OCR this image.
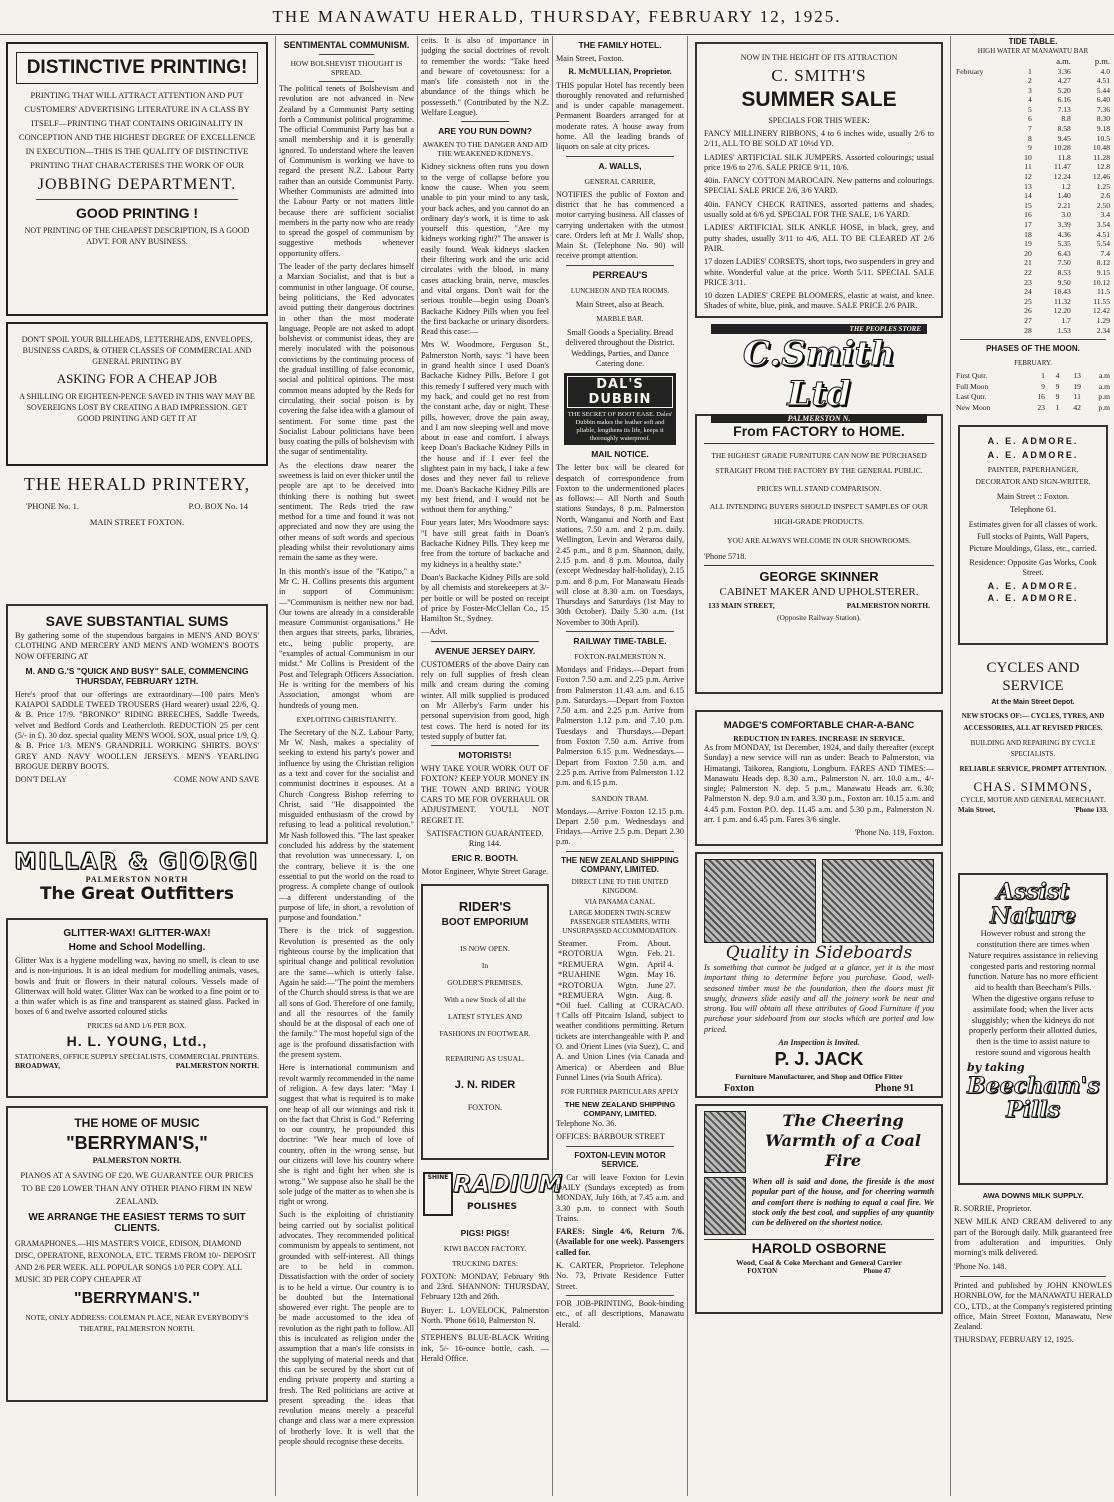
THE MANAWATU HERALD, THURSDAY, FEBRUARY 12, 1925.
DISTINCTIVE PRINTING!
PRINTING THAT WILL ATTRACT ATTENTION AND PUT CUSTOMERS' ADVERTISING LITERATURE IN A CLASS BY ITSELF—PRINTING THAT CONTAINS ORIGINALITY IN CONCEPTION AND THE HIGHEST DEGREE OF EXCELLENCE IN EXECUTION—THIS IS THE QUALITY OF DISTINCTIVE PRINTING THAT CHARACTERISES THE WORK OF OUR
JOBBING DEPARTMENT.
GOOD PRINTING !
NOT PRINTING OF THE CHEAPEST DESCRIPTION, IS A GOOD ADVT. FOR ANY BUSINESS.
DON'T SPOIL YOUR BILLHEADS, LETTERHEADS, ENVELOPES, BUSINESS CARDS, & OTHER CLASSES OF COMMERCIAL AND GENERAL PRINTING BY
ASKING FOR A CHEAP JOB
A SHILLING OR EIGHTEEN-PENCE SAVED IN THIS WAY MAY BE SOVEREIGNS LOST BY CREATING A BAD IMPRESSION. GET GOOD PRINTING AND GET IT AT
THE HERALD PRINTERY,
'PHONE No. 1.	P.O. BOX No. 14
MAIN STREET FOXTON.
SAVE SUBSTANTIAL SUMS
By gathering some of the stupendous bargains in MEN'S AND BOYS' CLOTHING AND MERCERY AND MEN'S AND WOMEN'S BOOTS NOW OFFERING AT
M. AND G.'S "QUICK AND BUSY" SALE, COMMENCING THURSDAY, FEBRUARY 12TH.
Here's proof that our offerings are extraordinary—100 pairs Men's KAIAPOI SADDLE TWEED TROUSERS (Hard wearer) usual 22/6, Q. & B. Price 17/9. "BRONKO" RIDING BREECHES, Saddle Tweeds, velvet and Bedford Cords and Leathercloth. REDUCTION 25 per cent (5/- in £). 30 doz. special quality MEN'S WOOL SOX, usual price 1/9, Q. & B. Price 1/3. MEN'S GRANDRILL WORKING SHIRTS. BOYS' GREY AND NAVY WOOLLEN JERSEYS. MEN'S YEARLING BROGUE DERBY BOOTS.
DON'T DELAY	COME NOW AND SAVE
MILLAR & GIORGI
PALMERSTON NORTH
The Great Outfitters
GLITTER-WAX! GLITTER-WAX!
Home and School Modelling.
Glitter Wax is a hygiene modelling wax, having no smell, is clean to use and is non-injurious. It is an ideal medium for modelling animals, vases, bowls and fruit or flowers in their natural colours. Vessels made of Glitterwax will hold water. Glitter Wax can be worked to a fine point or to a thin wafer which is as fine and transparent as stained glass. Packed in boxes of 6 and twelve assorted coloured sticks
PRICES 6d AND 1/6 PER BOX.
H. L. YOUNG, Ltd.,
STATIONERS, OFFICE SUPPLY SPECIALISTS, COMMERCIAL PRINTERS.
BROADWAY,	PALMERSTON NORTH.
THE HOME OF MUSIC
"BERRYMAN'S,"
PALMERSTON NORTH.
PIANOS AT A SAVING OF £20. WE GUARANTEE OUR PRICES TO BE £20 LOWER THAN ANY OTHER PIANO FIRM IN NEW ZEALAND.
WE ARRANGE THE EASIEST TERMS TO SUIT CLIENTS.
GRAMAPHONES.—HIS MASTER'S VOICE, EDISON, DIAMOND DISC, OPERATONE, REXONOLA, ETC. TERMS FROM 10/- DEPOSIT AND 2/6 PER WEEK. ALL POPULAR SONGS 1/0 PER COPY. ALL MUSIC 3D PER COPY CHEAPER AT
"BERRYMAN'S."
NOTE, ONLY ADDRESS: COLEMAN PLACE, NEAR EVERYBODY'S THEATRE, PALMERSTON NORTH.
SENTIMENTAL COMMUNISM.
HOW BOLSHEVIST THOUGHT IS SPREAD.

The political tenets of Bolshevism and revolution are not advanced in New Zealand by a Communist Party setting forth a Communist political programme. The official Communist Party has but a small membership and it is generally ignored. To understand where the leaven of Communism is working we have to regard the present N.Z. Labour Party rather than an outside Communist Party. Whether Communists are admitted into the Labour Party or not matters little because there are sufficient socialist members in the party now who are ready to spread the gospel of communism by suggestive methods whenever opportunity offers.

The leader of the party declares himself a Marxian Socialist, and that is but a communist in other language. Of course, being politicians, the Red advocates avoid putting their dangerous doctrines in other than the most moderate language. People are not asked to adopt bolshevist or communist ideas, they are merely inoculated with the poisonous convictions by the continuing process of the gradual instilling of false economic, social and political opinions. The most common means adopted by the Reds for circulating their social poison is by covering the false idea with a glamour of sentiment. For some time past the Socialist Labour politicians have been busy coating the pills of bolshevism with the sugar of sentimentality.

As the elections draw nearer the sweetness is laid on ever thicker until the people are apt to be deceived into thinking there is nothing but sweet sentiment. The Reds tried the raw method for a time and found it was not appreciated and now they are using the other means of soft words and specious pleading whilst their revolutionary aims remain the same as they were.

In this month's issue of the "Katipo," a Mr C. H. Collins presents this argument in support of Communism:—"Communism is neither new nor bad. Our towns are already in a considerable measure Communist organisations." He then argues that streets, parks, libraries, etc., being public property, are "examples of actual Communism in our midst." Mr Collins is President of the Post and Telegraph Officers Association. He is writing for the members of his Association, amongst whom are hundreds of young men.

EXPLOITING CHRISTIANITY.

The Secretary of the N.Z. Labour Party, Mr W. Nash, makes a speciality of seeking to extend his party's power and influence by using the Christian religion as a text and cover for the socialist and communist doctrines it espouses. At a Church Congress Bishop referring to Christ, said "He disappointed the misguided enthusiasm of the crowd by refusing to lead a political revolution." Mr Nash followed this. "The last speaker concluded his address by the statement that revolution was unnecessary. I, on the contrary, believe it is the one essential to put the world on the road to progress. A complete change of outlook—a different understanding of the purpose of life, in short, a revolution of purpose and foundation."

There is the trick of suggestion. Revolution is presented as the only righteous course by the implication that spiritual change and political revolution are the same—which is utterly false. Again he said:—"The point the members of the Church should stress is that we are all sons of God. Therefore of one family, and all the resources of the family should be at the disposal of each one of the family." The most hopeful sign of the age is the profound dissatisfaction with the present system.

Here is international communism and revolt warmly recommended in the name of religion. A few days later: "May I suggest that what is required is to make one heap of all our winnings and risk it on the fact that Christ is God." Referring to our country, he propounded this doctrine: "We hear much of love of country, often in the wrong sense, but our citizens will love his country where she is right and fight her when she is wrong." We suppose also he shall be the sole judge of the matter as to when she is right or wrong.

Such is the exploiting of christianity being carried out by socialist political advocates. They recommended political communism by appeals to sentiment, not grounded with self-interest. All things are to be held in common. Dissatisfaction with the order of society is to be held a virtue. Our country is to be doubted but the International showered ever right. The people are to be made accustomed to the idea of revolution as the right path to follow. All this is inculcated as religion under the assumption that a man's life consists in the supplying of material needs and that this can be secured by the short cut of ending private property and starting a fresh. The Red politicians are active at present spreading the ideas that revolution means merely a peaceful change and class war a mere expression of brotherly love. It is well that the people should recognise these deceits.

ceits. It is also of importance in judging the social doctrines of revolt to remember the words: "Take heed and beware of covetousness: for a man's life consisteth not in the abundance of the things which he possesseth." (Contributed by the N.Z. Welfare League).

ARE YOU RUN DOWN?
AWAKEN TO THE DANGER AND AID THE WEAKENED KIDNEYS.

Kidney sickness often runs you down to the verge of collapse before you know the cause. When you seem unable to pin your mind to any task, your back aches, and you cannot do an ordinary day's work, it is time to ask yourself this question, "Are my kidneys working right?" The answer is easily found. Weak kidneys slacken their filtering work and the uric acid circulates with the blood, in many cases attacking brain, nerve, muscles and vital organs. Don't wait for the serious trouble—begin using Doan's Backache Kidney Pills when you feel the first backache or urinary disorders. Read this case:—

Mrs W. Woodmore, Ferguson St., Palmerston North, says: "I have been in grand health since I used Doan's Backache Kidney Pills. Before I got this remedy I suffered very much with my back, and could get no rest from the constant ache, day or night. These pills, however, drove the pain away, and I am now sleeping well and move about in ease and comfort. I always keep Doan's Backache Kidney Pills in the house and if I ever feel the slightest pain in my back, I take a few doses and they never fail to relieve me. Doan's Backache Kidney Pills are my best friend, and I would not be without them for anything."

Four years later, Mrs Woodmore says: "I have still great faith in Doan's Backache Kidney Pills. They keep me free from the torture of backache and my kidneys in a healthy state."

Doan's Backache Kidney Pills are sold by all chemists and storekeepers at 3/- per bottle or will be posted on receipt of price by Foster-McClellan Co., 15 Hamilton St., Sydney.

—Advt.
AVENUE JERSEY DAIRY.

CUSTOMERS of the above Dairy can rely on full supplies of fresh clean milk and cream during the coming winter. All milk supplied is produced on Mr Allerby's Farm under his personal supervision from good, high test cows. The herd is noted for its tested supply of butter fat.

MOTORISTS!

WHY TAKE YOUR WORK OUT OF FOXTON? KEEP YOUR MONEY IN THE TOWN AND BRING YOUR CARS TO ME FOR OVERHAUL OR ADJUSTMENT. YOU'LL NOT REGRET IT.

SATISFACTION GUARANTEED. Ring 144.
ERIC R. BOOTH.
Motor Engineer, Whyte Street Garage.
RIDER'S
BOOT EMPORIUM
IS NOW OPEN.
In
GOLDER'S PREMISES.
With a new Stock of all the
LATEST STYLES AND
FASHIONS IN FOOTWEAR.
REPAIRING AS USUAL.
J. N. RIDER
FOXTON.
SHINE RADIUM
POLISHES
PIGS! PIGS!
KIWI BACON FACTORY.
TRUCKING DATES:

FOXTON: MONDAY, February 9th and 23rd. SHANNON: THURSDAY, February 12th and 26th.

Buyer: L. LOVELOCK, Palmerston North. 'Phone 6610, Palmerston N.

STEPHEN'S BLUE-BLACK Writing ink, 5/- 16-ounce bottle, cash. —Herald Office.

THE FAMILY HOTEL.
Main Street, Foxton.
R. McMULLIAN, Proprietor.

THIS popular Hotel has recently been thoroughly renovated and refurnished and is under capable management. Permanent Boarders arranged for at moderate rates. A house away from home. All the leading brands of liquors on sale at city prices.

A. WALLS,
GENERAL CARRIER,

NOTIFIES the public of Foxton and district that he has commenced a motor carrying business. All classes of carrying undertaken with the utmost care. Orders left at Mr J. Walls' shop, Main St. (Telephone No. 90) will receive prompt attention.

PERREAU'S
LUNCHEON AND TEA ROOMS.
Main Street, also at Beach.
MARBLE BAR.

Small Goods a Speciality. Bread delivered throughout the District. Weddings, Parties, and Dance Catering done.

DAL'S DUBBIN
THE SECRET OF BOOT EASE. Dales' Dubbin makes the leather soft and pliable, lengthens its life, keeps it thoroughly waterproof.
MAIL NOTICE.

The letter box will be cleared for despatch of correspondence from Foxton to the undermentioned places as follows:— All North and South stations Sundays, 8 p.m. Palmerston North, Wanganui and North and East stations, 7.50 a.m. and 2 p.m. daily. Wellington, Levin and Weraroa daily, 2.45 p.m., and 8 p.m. Shannon, daily, 2.15 p.m. and 8 p.m. Moutoa, daily (except Wednesday half-holiday), 2.15 p.m. and 8 p.m. For Manawatu Heads will close at 8.30 a.m. on Tuesdays, Thursdays and Saturdays (1st May to 30th October). Daily 5.30 a.m. (1st November to 30th April).

RAILWAY TIME-TABLE.
FOXTON-PALMERSTON N.

Mondays and Fridays.—Depart from Foxton 7.50 a.m. and 2.25 p.m. Arrive from Palmerston 11.43 a.m. and 6.15 p.m. Saturdays.—Depart from Foxton 7.50 a.m. and 2.25 p.m. Arrive from Palmerston 1.12 p.m. and 7.10 p.m. Tuesdays and Thursdays.—Depart from Foxton 7.50 a.m. Arrive from Palmerston 6.15 p.m. Wednesdays.—Depart from Foxton 7.50 a.m. and 2.25 p.m. Arrive from Palmerston 1.12 p.m. and 6.15 p.m.

SANDON TRAM.

Mondays.—Arrive Foxton 12.15 p.m. Depart 2.50 p.m. Wednesdays and Fridays.—Arrive 2.5 p.m. Depart 2.30 p.m.

THE NEW ZEALAND SHIPPING COMPANY, LIMITED.
DIRECT LINE TO THE UNITED KINGDOM.
VIA PANAMA CANAL.
LARGE MODERN TWIN-SCREW PASSENGER STEAMERS, WITH UNSURPASSED ACCOMMODATION.
Steamer.	From.	About.
*ROTORUA	Wgtn.	Feb. 21.
*REMUERA	Wgtn.	April 4.
*RUAHINE	Wgtn.	May 16.
*ROTORUA	Wgtn.	June 27.
*REMUERA	Wgtn.	Aug. 8.

*Oil fuel. Calling at CURACAO. †Calls off Pitcairn Island, subject to weather conditions permitting. Return tickets are interchangeable with P. and O. and Orient Lines (via Suez), C. and A. and Union Lines (via Canada and America) or Aberdeen and Blue Funnel Lines (via South Africa).

FOR FURTHER PARTICULARS APPLY
THE NEW ZEALAND SHIPPING COMPANY, LIMITED.
Telephone No. 36.
OFFICES: BARBOUR STREET
FOXTON-LEVIN MOTOR SERVICE.

A Car will leave Foxton for Levin DAILY (Sundays excepted) as from MONDAY, July 16th, at 7.45 a.m. and 3.30 p.m. to connect with South Trains.

FARES: Single 4/6, Return 7/6. (Available for one week). Passengers called for.

K. CARTER, Proprietor. Telephone No. 73, Private Residence Futter Street.

FOR JOB-PRINTING, Book-binding etc., of all descriptions, Manawatu Herald.

NOW IN THE HEIGHT OF ITS ATTRACTION
C. SMITH'S
SUMMER SALE
SPECIALS FOR THIS WEEK:

FANCY MILLINERY RIBBONS, 4 to 6 inches wide, usually 2/6 to 2/11, ALL TO BE SOLD AT 10½d YD.

LADIES' ARTIFICIAL SILK JUMPERS. Assorted colourings; usual price 19/6 to 27/6. SALE PRICE 9/11, 10/6.

40in. FANCY COTTON MAROCAIN. New patterns and colourings. SPECIAL SALE PRICE 2/6, 3/6 YARD.

40in. FANCY CHECK RATINES, assorted patterns and shades, usually sold at 6/6 yd. SPECIAL FOR THE SALE, 1/6 YARD.

LADIES' ARTIFICIAL SILK ANKLE HOSE, in black, grey, and putty shades, usually 3/11 to 4/6, ALL TO BE CLEARED AT 2/6 PAIR.

17 dozen LADIES' CORSETS, short tops, two suspenders in grey and white. Wonderful value at the price. Worth 5/11. SPECIAL SALE PRICE 3/11.

10 dozen LADIES' CREPE BLOOMERS, elastic at waist, and knee. Shades of white, blue, pink, and mauve. SALE PRICE 2/6 PAIR.

THE PEOPLES STORE
C.Smith Ltd
PALMERSTON N.
From FACTORY to HOME.
THE HIGHEST GRADE FURNITURE CAN NOW BE PURCHASED STRAIGHT FROM THE FACTORY BY THE GENERAL PUBLIC.
PRICES WILL STAND COMPARISON.
ALL INTENDING BUYERS SHOULD INSPECT SAMPLES OF OUR HIGH-GRADE PRODUCTS.
YOU ARE ALWAYS WELCOME IN OUR SHOWROOMS.
'Phone 5718.
GEORGE SKINNER
CABINET MAKER AND UPHOLSTERER.
133 MAIN STREET,	PALMERSTON NORTH.
(Opposite Railway Station).
MADGE'S COMFORTABLE CHAR-A-BANC
REDUCTION IN FARES. INCREASE IN SERVICE.

As from MONDAY, 1st December, 1924, and daily thereafter (except Sunday) a new service will run as under: Beach to Palmerston, via Himatangi, Taikorea, Rangiotu, Longburn. FARES AND TIMES:—Manawatu Heads dep. 8.30 a.m., Palmerston N. arr. 10.0 a.m., 4/- single; Palmerston N. dep. 5 p.m., Manawatu Heads arr. 6.30; Palmerston N. dep. 9.0 a.m. and 3.30 p.m., Foxton arr. 10.15 a.m. and 4.45 p.m. Foxton P.O. dep. 11.45 a.m. and 5.30 p.m., Palmerston N. arr. 1 p.m. and 6.45 p.m. Fares 3/6 single.

'Phone No. 119, Foxton.
Quality in Sideboards

Is something that cannot be judged at a glance, yet it is the most important thing to determine before you purchase. Good, well-seasoned timber must be the foundation, then the doors must fit snugly, drawers slide easily and all the joinery work be neat and strong. You will obtain all these attributes of Good Furniture if you purchase your sideboard from our stocks which are ported and low priced.

An Inspection is Invited.
P. J. JACK
Furniture Manufacturer, and Shop and Office Fitter
Foxton	Phone 91
The Cheering Warmth of a Coal Fire

When all is said and done, the fireside is the most popular part of the house, and for cheering warmth and comfort there is nothing to equal a coal fire. We stock only the best coal, and supplies of any quantity can be delivered on the shortest notice.

HAROLD OSBORNE
Wood, Coal & Coke Merchant and General Carrier
FOXTON	Phone 47
TIDE TABLE.
HIGH WATER AT MANAWATU BAR
		a.m.	p.m.
February	1	3.36	4.0
	2	4.27	4.51
	3	5.20	5.44
	4	6.16	6.40
	5	7.13	7.36
	6	8.8	8.30
	7	8.58	9.18
	8	9.45	10.5
	9	10.28	10.48
	10	11.8	11.28
	11	11.47	12.8
	12	12.24	12.46
	13	1.2	1.25
	14	1.40	2.6
	15	2.21	2.50
	16	3.0	3.4
	17	3.39	3.54
	18	4.36	4.51
	19	5.35	5.54
	20	6.43	7.4
	21	7.50	8.12
	22	8.53	9.15
	23	9.50	10.12
	24	10.43	11.5
	25	11.32	11.55
	26	12.20	12.42
	27	1.7	1.29
	28	1.53	2.34
PHASES OF THE MOON.
FEBRUARY.
First Qutr.	1	4	13	a.m
Full Moon	9	9	19	a.m
Last Qutr.	16	9	11	p.m
New Moon	23	1	42	p.m
A. E. ADMORE.
A. E. ADMORE.
PAINTER, PAPERHANGER, DECORATOR AND SIGN-WRITER.
Main Street :: Foxton.
Telephone 61.

Estimates given for all classes of work. Full stocks of Paints, Wall Papers, Picture Mouldings, Glass, etc., carried.

Residence: Opposite Gas Works, Cook Street.

A. E. ADMORE.
A. E. ADMORE.
CYCLES AND SERVICE
At the Main Street Depot.
NEW STOCKS OF:— CYCLES, TYRES, AND ACCESSORIES, ALL AT REVISED PRICES.
BUILDING AND REPAIRING BY CYCLE SPECIALISTS.
RELIABLE SERVICE, PROMPT ATTENTION.
CHAS. SIMMONS,
CYCLE, MOTOR AND GENERAL MERCHANT.
Main Street,	'Phone 133.
Assist Nature

However robust and strong the constitution there are times when Nature requires assistance in relieving congested parts and restoring normal function. Nature has no more efficient aid to health than Beecham's Pills. When the digestive organs refuse to assimilate food; when the liver acts sluggishly; when the kidneys do not properly perform their allotted duties, then is the time to assist nature to restore sound and vigorous health

by taking
Beecham's Pills
AWA DOWNS MILK SUPPLY.
R. SORRIE, Proprietor.

NEW MILK AND CREAM delivered to any part of the Borough daily. Milk guaranteed free from adulteration and impurities. Only morning's milk delivered.

'Phone No. 148.

Printed and published by JOHN KNOWLES HORNBLOW, for the MANAWATU HERALD CO., LTD., at the Company's registered printing office, Main Street Foxton, Manawatu, New Zealand.

THURSDAY, FEBRUARY 12, 1925.
